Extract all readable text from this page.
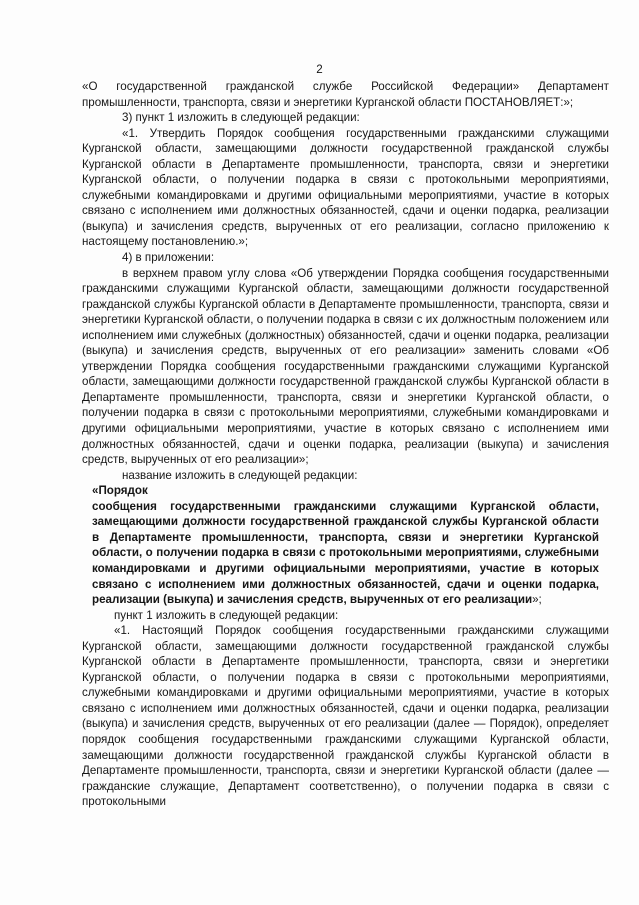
2

«О государственной гражданской службе Российской Федерации» Департамент промышленности, транспорта, связи и энергетики Курганской области ПОСТАНОВЛЯЕТ:»;

3) пункт 1 изложить в следующей редакции:

«1. Утвердить Порядок сообщения государственными гражданскими служащими Курганской области, замещающими должности государственной гражданской службы Курганской области в Департаменте промышленности, транспорта, связи и энергетики Курганской области, о получении подарка в связи с протокольными мероприятиями, служебными командировками и другими официальными мероприятиями, участие в которых связано с исполнением ими должностных обязанностей, сдачи и оценки подарка, реализации (выкупа) и зачисления средств, вырученных от его реализации, согласно приложению к настоящему постановлению.»;

4) в приложении:

в верхнем правом углу слова «Об утверждении Порядка сообщения государственными гражданскими служащими Курганской области, замещающими должности государственной гражданской службы Курганской области в Департаменте промышленности, транспорта, связи и энергетики Курганской области, о получении подарка в связи с их должностным положением или исполнением ими служебных (должностных) обязанностей, сдачи и оценки подарка, реализации (выкупа) и зачисления средств, вырученных от его реализации» заменить словами «Об утверждении Порядка сообщения государственными гражданскими служащими Курганской области, замещающими должности государственной гражданской службы Курганской области в Департаменте промышленности, транспорта, связи и энергетики Курганской области, о получении подарка в связи с протокольными мероприятиями, служебными командировками и другими официальными мероприятиями, участие в которых связано с исполнением ими должностных обязанностей, сдачи и оценки подарка, реализации (выкупа) и зачисления средств, вырученных от его реализации»;

название изложить в следующей редакции:

«Порядок

сообщения государственными гражданскими служащими Курганской области, замещающими должности государственной гражданской службы Курганской области в Департаменте промышленности, транспорта, связи и энергетики Курганской области, о получении подарка в связи с протокольными мероприятиями, служебными командировками и другими официальными мероприятиями, участие в которых связано с исполнением ими должностных обязанностей, сдачи и оценки подарка, реализации (выкупа) и зачисления средств, вырученных от его реализации»;

пункт 1 изложить в следующей редакции:

«1. Настоящий Порядок сообщения государственными гражданскими служащими Курганской области, замещающими должности государственной гражданской службы Курганской области в Департаменте промышленности, транспорта, связи и энергетики Курганской области, о получении подарка в связи с протокольными мероприятиями, служебными командировками и другими официальными мероприятиями, участие в которых связано с исполнением ими должностных обязанностей, сдачи и оценки подарка, реализации (выкупа) и зачисления средств, вырученных от его реализации (далее — Порядок), определяет порядок сообщения государственными гражданскими служащими Курганской области, замещающими должности государственной гражданской службы Курганской области в Департаменте промышленности, транспорта, связи и энергетики Курганской области (далее — гражданские служащие, Департамент соответственно), о получении подарка в связи с протокольными
